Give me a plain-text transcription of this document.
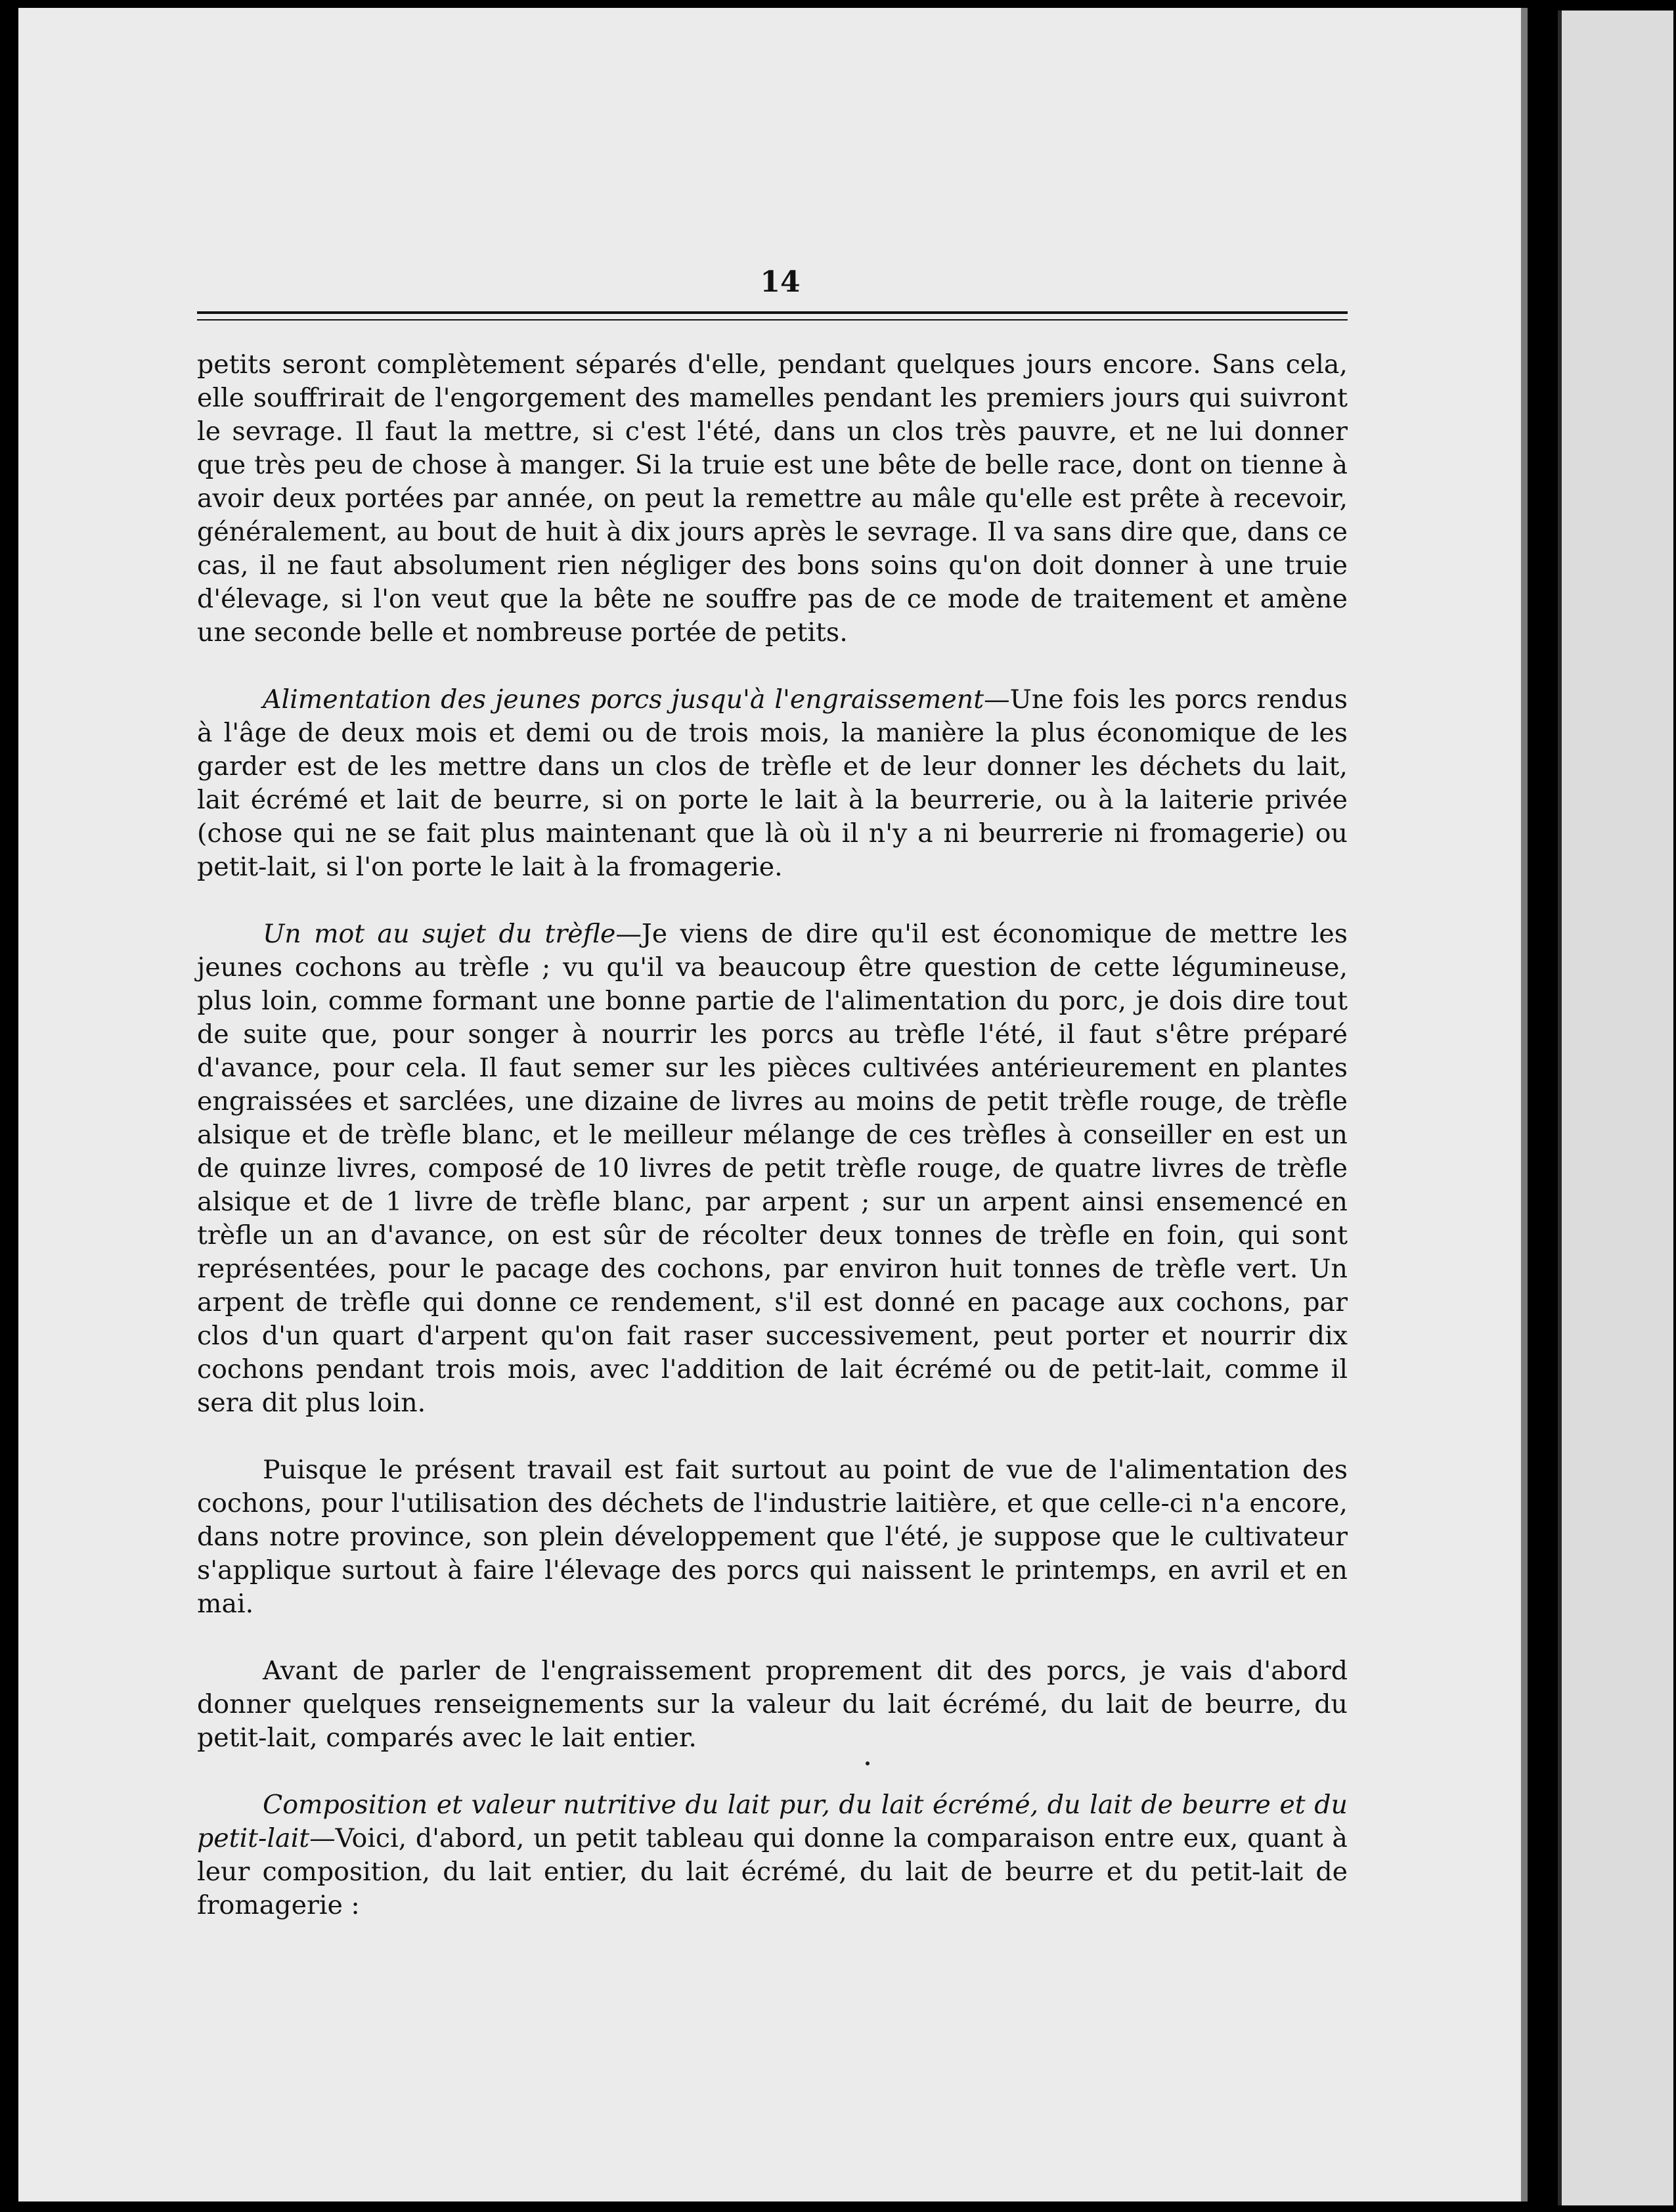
14

petits seront complètement séparés d'elle, pendant quelques jours encore. Sans cela, elle souffrirait de l'engorgement des mamelles pendant les premiers jours qui suivront le sevrage. Il faut la mettre, si c'est l'été, dans un clos très pauvre, et ne lui donner que très peu de chose à manger. Si la truie est une bête de belle race, dont on tienne à avoir deux portées par année, on peut la remettre au mâle qu'elle est prête à recevoir, généralement, au bout de huit à dix jours après le sevrage. Il va sans dire que, dans ce cas, il ne faut absolument rien négliger des bons soins qu'on doit donner à une truie d'élevage, si l'on veut que la bête ne souffre pas de ce mode de traitement et amène une seconde belle et nombreuse portée de petits.

Alimentation des jeunes porcs jusqu'à l'engraissement—Une fois les porcs rendus à l'âge de deux mois et demi ou de trois mois, la manière la plus économique de les garder est de les mettre dans un clos de trèfle et de leur donner les déchets du lait, lait écrémé et lait de beurre, si on porte le lait à la beurrerie, ou à la laiterie privée (chose qui ne se fait plus maintenant que là où il n'y a ni beurrerie ni fromagerie) ou petit-lait, si l'on porte le lait à la fromagerie.

Un mot au sujet du trèfle—Je viens de dire qu'il est économique de mettre les jeunes cochons au trèfle ; vu qu'il va beaucoup être question de cette légumineuse, plus loin, comme formant une bonne partie de l'alimentation du porc, je dois dire tout de suite que, pour songer à nourrir les porcs au trèfle l'été, il faut s'être préparé d'avance, pour cela. Il faut semer sur les pièces cultivées antérieurement en plantes engraissées et sarclées, une dizaine de livres au moins de petit trèfle rouge, de trèfle alsique et de trèfle blanc, et le meilleur mélange de ces trèfles à conseiller en est un de quinze livres, composé de 10 livres de petit trèfle rouge, de quatre livres de trèfle alsique et de 1 livre de trèfle blanc, par arpent ; sur un arpent ainsi ensemencé en trèfle un an d'avance, on est sûr de récolter deux tonnes de trèfle en foin, qui sont représentées, pour le pacage des cochons, par environ huit tonnes de trèfle vert. Un arpent de trèfle qui donne ce rendement, s'il est donné en pacage aux cochons, par clos d'un quart d'arpent qu'on fait raser successivement, peut porter et nourrir dix cochons pendant trois mois, avec l'addition de lait écrémé ou de petit-lait, comme il sera dit plus loin.

Puisque le présent travail est fait surtout au point de vue de l'alimentation des cochons, pour l'utilisation des déchets de l'industrie laitière, et que celle-ci n'a encore, dans notre province, son plein développement que l'été, je suppose que le cultivateur s'applique surtout à faire l'élevage des porcs qui naissent le printemps, en avril et en mai.

Avant de parler de l'engraissement proprement dit des porcs, je vais d'abord donner quelques renseignements sur la valeur du lait écrémé, du lait de beurre, du petit-lait, comparés avec le lait entier.

Composition et valeur nutritive du lait pur, du lait écrémé, du lait de beurre et du petit-lait—Voici, d'abord, un petit tableau qui donne la comparaison entre eux, quant à leur composition, du lait entier, du lait écrémé, du lait de beurre et du petit-lait de fromagerie :
